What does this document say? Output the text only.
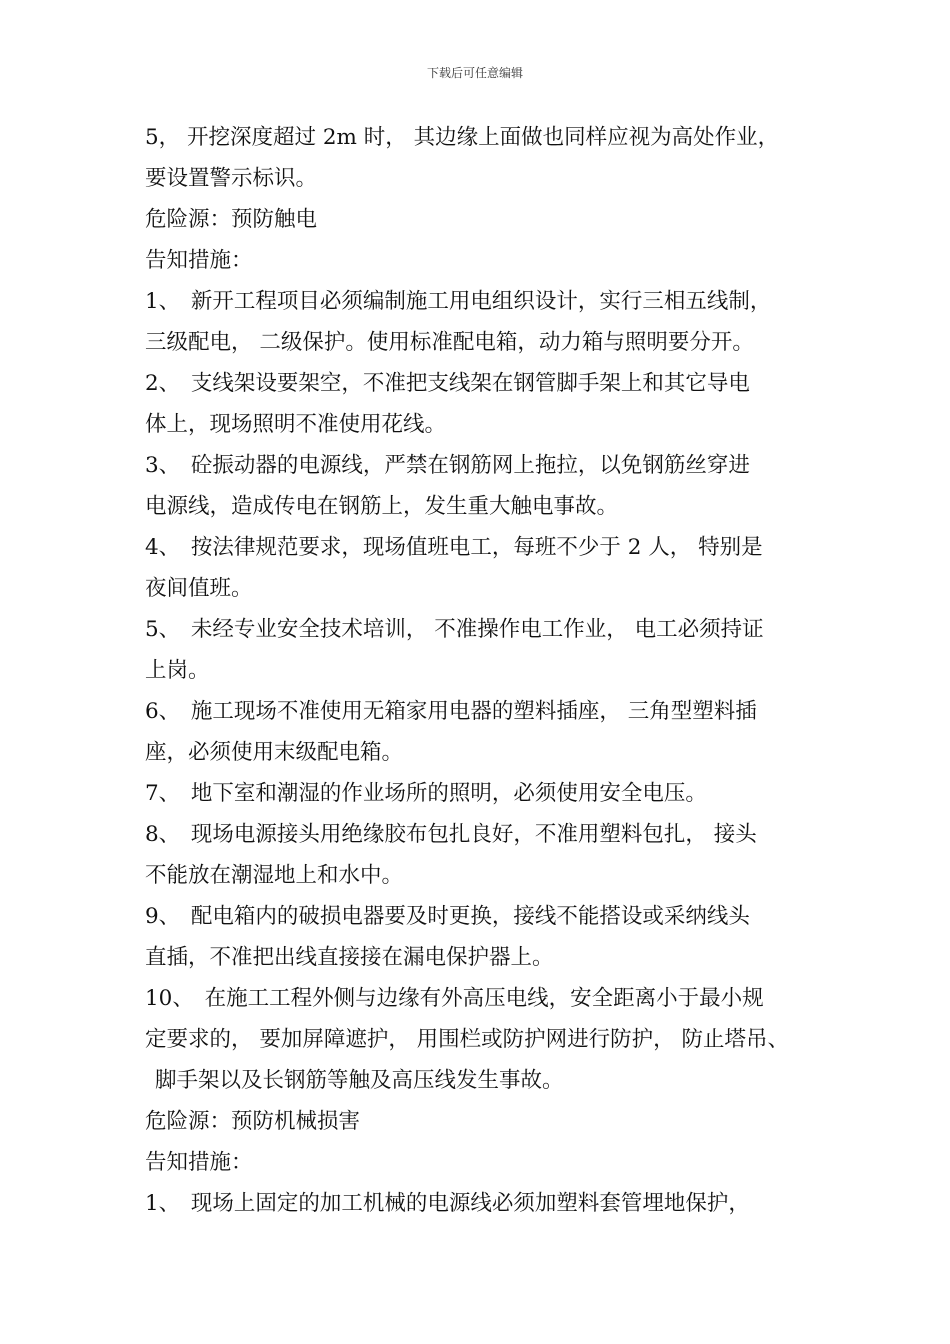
下载后可任意编辑
5， 开挖深度超过 2m 时， 其边缘上面做也同样应视为高处作业，
要设置警示标识。
危险源：预防触电
告知措施：
1、　新开工程项目必须编制施工用电组织设计，实行三相五线制，
三级配电， 二级保护。使用标准配电箱，动力箱与照明要分开。
2、　支线架设要架空，不准把支线架在钢管脚手架上和其它导电
体上，现场照明不准使用花线。
3、　砼振动器的电源线，严禁在钢筋网上拖拉，以免钢筋丝穿进
电源线，造成传电在钢筋上，发生重大触电事故。
4、　按法律规范要求，现场值班电工，每班不少于 2 人， 特别是
夜间值班。
5、　未经专业安全技术培训， 不准操作电工作业， 电工必须持证
上岗。
6、　施工现场不准使用无箱家用电器的塑料插座， 三角型塑料插
座，必须使用末级配电箱。
7、　地下室和潮湿的作业场所的照明，必须使用安全电压。
8、　现场电源接头用绝缘胶布包扎良好，不准用塑料包扎， 接头
不能放在潮湿地上和水中。
9、　配电箱内的破损电器要及时更换，接线不能搭设或采纳线头
直插，不准把出线直接接在漏电保护器上。
10、　在施工工程外侧与边缘有外高压电线，安全距离小于最小规
定要求的， 要加屏障遮护， 用围栏或防护网进行防护， 防止塔吊、
脚手架以及长钢筋等触及高压线发生事故。
危险源：预防机械损害
告知措施：
1、　现场上固定的加工机械的电源线必须加塑料套管埋地保护，
